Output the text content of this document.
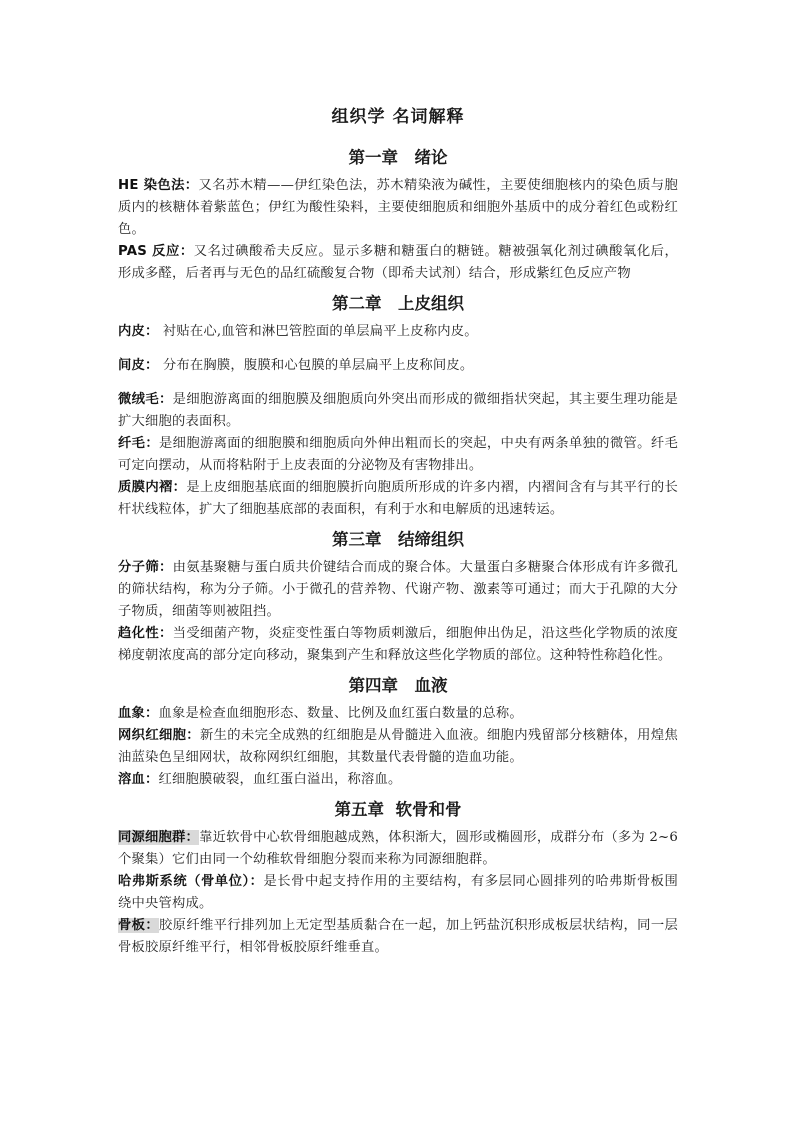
组织学 名词解释
第一章　绪论

HE 染色法：又名苏木精——伊红染色法，苏木精染液为碱性，主要使细胞核内的染色质与胞质内的核糖体着紫蓝色；伊红为酸性染料，主要使细胞质和细胞外基质中的成分着红色或粉红色。

PAS 反应：又名过碘酸希夫反应。显示多糖和糖蛋白的糖链。糖被强氧化剂过碘酸氧化后，形成多醛，后者再与无色的品红硫酸复合物（即希夫试剂）结合，形成紫红色反应产物

第二章　上皮组织

内皮： 衬贴在心,血管和淋巴管腔面的单层扁平上皮称内皮。

间皮： 分布在胸膜，腹膜和心包膜的单层扁平上皮称间皮。

微绒毛：是细胞游离面的细胞膜及细胞质向外突出而形成的微细指状突起，其主要生理功能是扩大细胞的表面积。

纤毛：是细胞游离面的细胞膜和细胞质向外伸出粗而长的突起，中央有两条单独的微管。纤毛可定向摆动，从而将粘附于上皮表面的分泌物及有害物排出。

质膜内褶：是上皮细胞基底面的细胞膜折向胞质所形成的许多内褶，内褶间含有与其平行的长杆状线粒体，扩大了细胞基底部的表面积，有利于水和电解质的迅速转运。

第三章　结缔组织

分子筛：由氨基聚糖与蛋白质共价键结合而成的聚合体。大量蛋白多糖聚合体形成有许多微孔的筛状结构，称为分子筛。小于微孔的营养物、代谢产物、激素等可通过；而大于孔隙的大分子物质，细菌等则被阻挡。

趋化性：当受细菌产物，炎症变性蛋白等物质刺激后，细胞伸出伪足，沿这些化学物质的浓度梯度朝浓度高的部分定向移动，聚集到产生和释放这些化学物质的部位。这种特性称趋化性。

第四章　血液

血象：血象是检查血细胞形态、数量、比例及血红蛋白数量的总称。

网织红细胞：新生的未完全成熟的红细胞是从骨髓进入血液。细胞内残留部分核糖体，用煌焦油蓝染色呈细网状，故称网织红细胞，其数量代表骨髓的造血功能。

溶血：红细胞膜破裂，血红蛋白溢出，称溶血。

第五章  软骨和骨

同源细胞群：靠近软骨中心软骨细胞越成熟，体积渐大，圆形或椭圆形，成群分布（多为 2~6 个聚集）它们由同一个幼稚软骨细胞分裂而来称为同源细胞群。

哈弗斯系统（骨单位）：是长骨中起支持作用的主要结构，有多层同心圆排列的哈弗斯骨板围绕中央管构成。

骨板：胶原纤维平行排列加上无定型基质黏合在一起，加上钙盐沉积形成板层状结构，同一层骨板胶原纤维平行，相邻骨板胶原纤维垂直。
